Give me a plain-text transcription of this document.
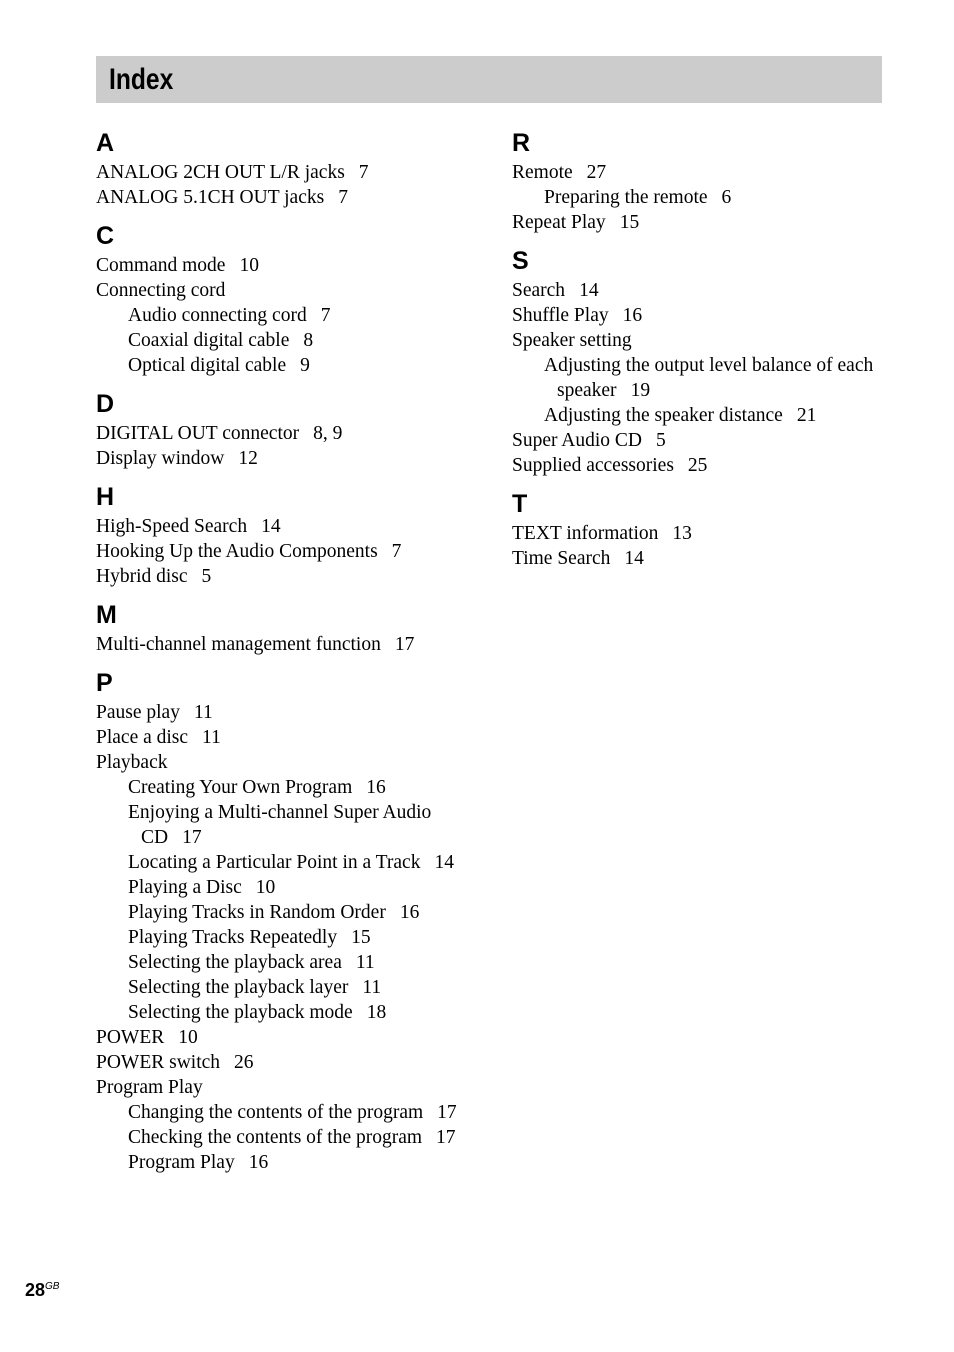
Index
A
ANALOG 2CH OUT L/R jacks 7
ANALOG 5.1CH OUT jacks 7
C
Command mode 10
Connecting cord
Audio connecting cord 7
Coaxial digital cable 8
Optical digital cable 9
D
DIGITAL OUT connector 8, 9
Display window 12
H
High-Speed Search 14
Hooking Up the Audio Components 7
Hybrid disc 5
M
Multi-channel management function 17
P
Pause play 11
Place a disc 11
Playback
Creating Your Own Program 16
Enjoying a Multi-channel Super Audio CD 17
Locating a Particular Point in a Track 14
Playing a Disc 10
Playing Tracks in Random Order 16
Playing Tracks Repeatedly 15
Selecting the playback area 11
Selecting the playback layer 11
Selecting the playback mode 18
POWER 10
POWER switch 26
Program Play
Changing the contents of the program 17
Checking the contents of the program 17
Program Play 16
R
Remote 27
Preparing the remote 6
Repeat Play 15
S
Search 14
Shuffle Play 16
Speaker setting
Adjusting the output level balance of each speaker 19
Adjusting the speaker distance 21
Super Audio CD 5
Supplied accessories 25
T
TEXT information 13
Time Search 14
$28^{GB}$
